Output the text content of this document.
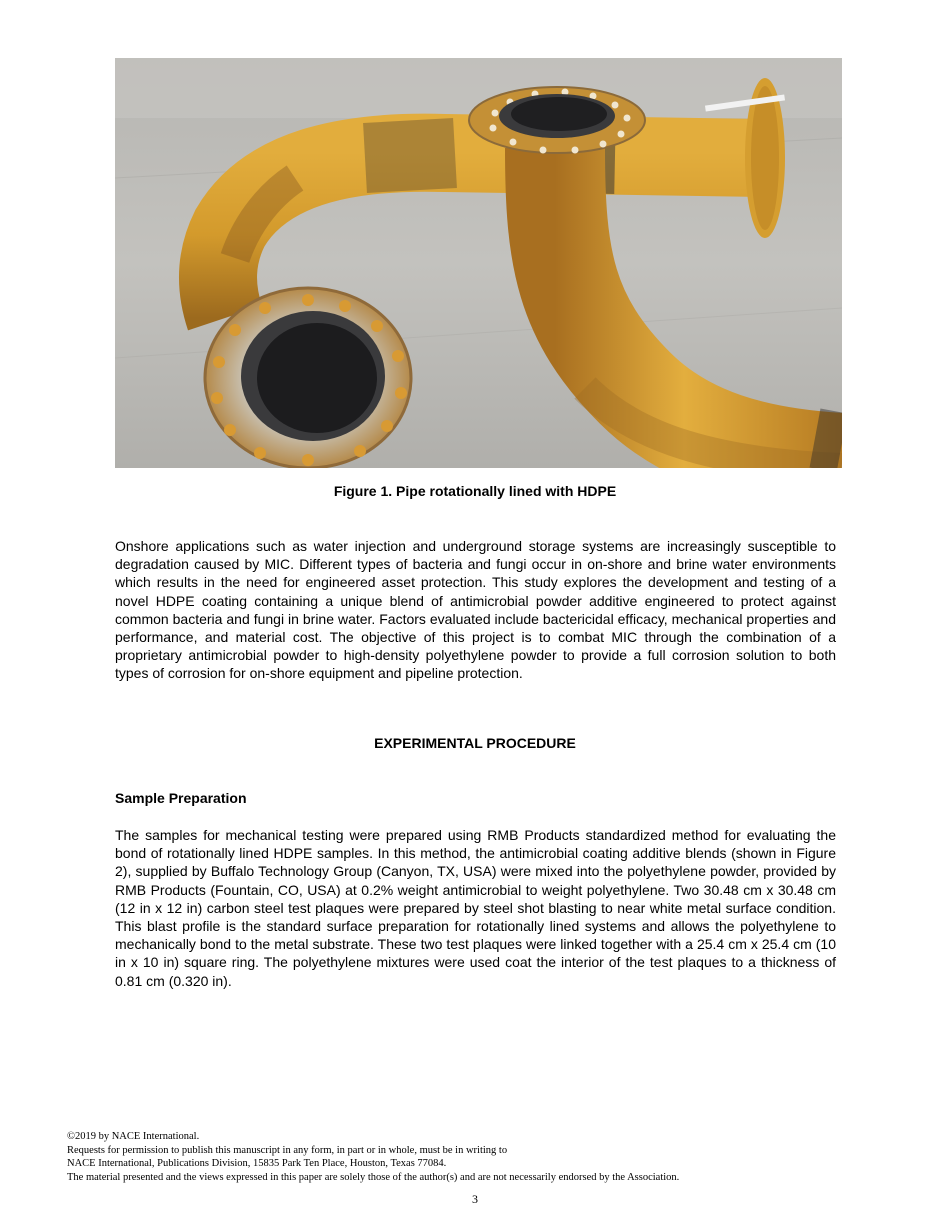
Figure 1. Pipe rotationally lined with HDPE

Onshore applications such as water injection and underground storage systems are increasingly susceptible to degradation caused by MIC. Different types of bacteria and fungi occur in on-shore and brine water environments which results in the need for engineered asset protection. This study explores the development and testing of a novel HDPE coating containing a unique blend of antimicrobial powder additive engineered to protect against common bacteria and fungi in brine water. Factors evaluated include bactericidal efficacy, mechanical properties and performance, and material cost. The objective of this project is to combat MIC through the combination of a proprietary antimicrobial powder to high-density polyethylene powder to provide a full corrosion solution to both types of corrosion for on-shore equipment and pipeline protection.

EXPERIMENTAL PROCEDURE
Sample Preparation

The samples for mechanical testing were prepared using RMB Products standardized method for evaluating the bond of rotationally lined HDPE samples. In this method, the antimicrobial coating additive blends (shown in Figure 2), supplied by Buffalo Technology Group (Canyon, TX, USA) were mixed into the polyethylene powder, provided by RMB Products (Fountain, CO, USA) at 0.2% weight antimicrobial to weight polyethylene. Two 30.48 cm x 30.48 cm (12 in x 12 in) carbon steel test plaques were prepared by steel shot blasting to near white metal surface condition. This blast profile is the standard surface preparation for rotationally lined systems and allows the polyethylene to mechanically bond to the metal substrate. These two test plaques were linked together with a 25.4 cm x 25.4 cm (10 in x 10 in) square ring. The polyethylene mixtures were used coat the interior of the test plaques to a thickness of 0.81 cm (0.320 in).

©2019 by NACE International.
Requests for permission to publish this manuscript in any form, in part or in whole, must be in writing to
NACE International, Publications Division, 15835 Park Ten Place, Houston, Texas 77084.
The material presented and the views expressed in this paper are solely those of the author(s) and are not necessarily endorsed by the Association.
3
